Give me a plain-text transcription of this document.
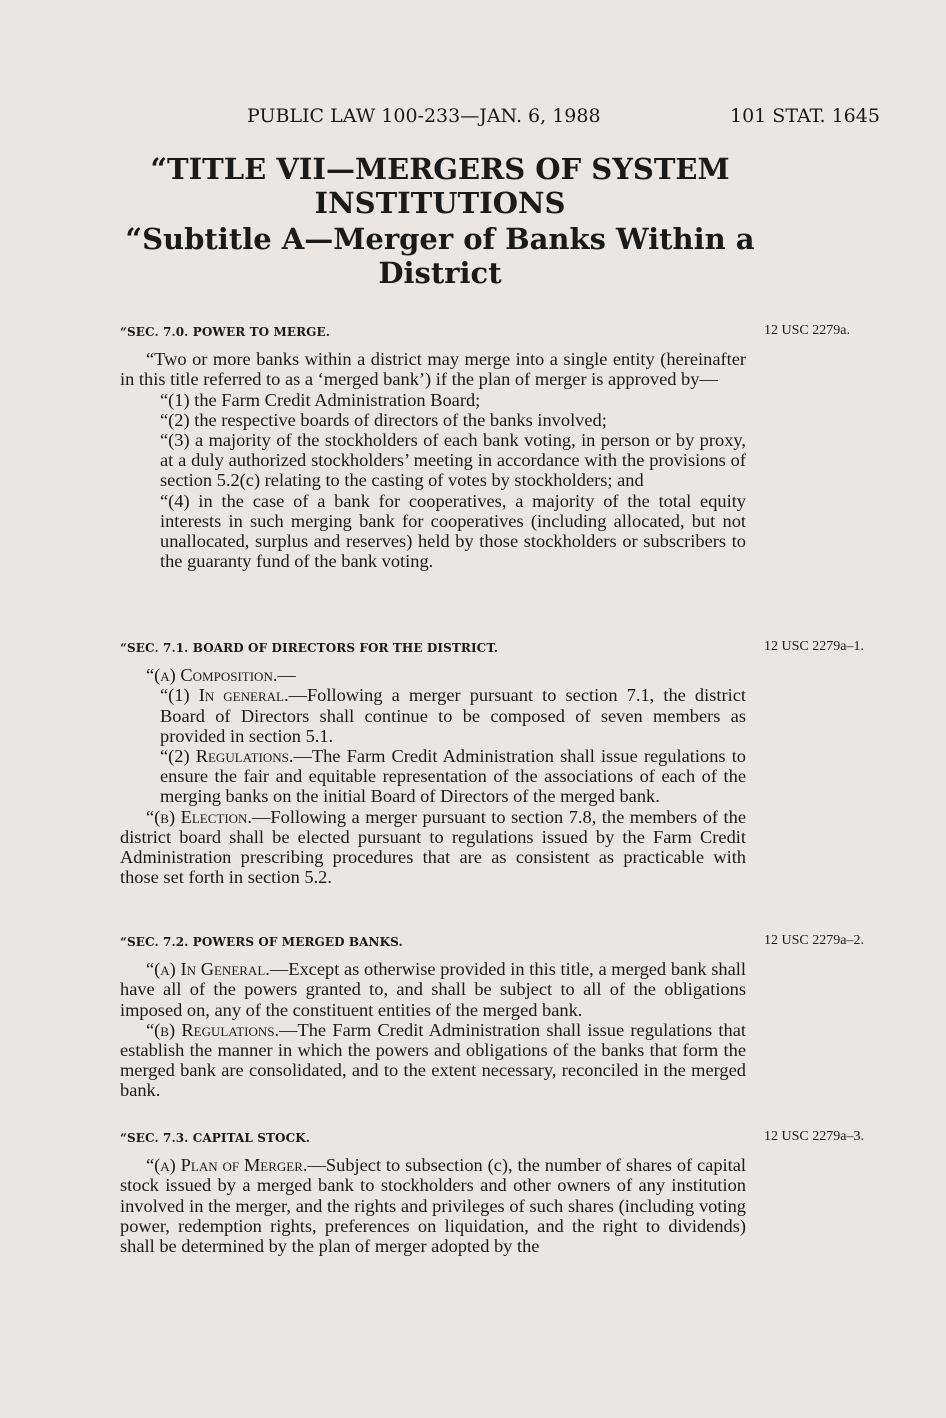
PUBLIC LAW 100-233—JAN. 6, 1988	101 STAT. 1645
“TITLE VII—MERGERS OF SYSTEM
INSTITUTIONS
“Subtitle A—Merger of Banks Within a
District

“SEC. 7.0. POWER TO MERGE.

“Two or more banks within a district may merge into a single entity (hereinafter in this title referred to as a ‘merged bank’) if the plan of merger is approved by—

“(1) the Farm Credit Administration Board;

“(2) the respective boards of directors of the banks involved;

“(3) a majority of the stockholders of each bank voting, in person or by proxy, at a duly authorized stockholders’ meeting in accordance with the provisions of section 5.2(c) relating to the casting of votes by stockholders; and

“(4) in the case of a bank for cooperatives, a majority of the total equity interests in such merging bank for cooperatives (including allocated, but not unallocated, surplus and reserves) held by those stockholders or subscribers to the guaranty fund of the bank voting.

12 USC 2279a.

“SEC. 7.1. BOARD OF DIRECTORS FOR THE DISTRICT.

“(a) Composition.—

“(1) In general.—Following a merger pursuant to section 7.1, the district Board of Directors shall continue to be composed of seven members as provided in section 5.1.

“(2) Regulations.—The Farm Credit Administration shall issue regulations to ensure the fair and equitable representation of the associations of each of the merging banks on the initial Board of Directors of the merged bank.

“(b) Election.—Following a merger pursuant to section 7.8, the members of the district board shall be elected pursuant to regulations issued by the Farm Credit Administration prescribing procedures that are as consistent as practicable with those set forth in section 5.2.

12 USC 2279a–1.

“SEC. 7.2. POWERS OF MERGED BANKS.

“(a) In General.—Except as otherwise provided in this title, a merged bank shall have all of the powers granted to, and shall be subject to all of the obligations imposed on, any of the constituent entities of the merged bank.

“(b) Regulations.—The Farm Credit Administration shall issue regulations that establish the manner in which the powers and obligations of the banks that form the merged bank are consolidated, and to the extent necessary, reconciled in the merged bank.

12 USC 2279a–2.

“SEC. 7.3. CAPITAL STOCK.

“(a) Plan of Merger.—Subject to subsection (c), the number of shares of capital stock issued by a merged bank to stockholders and other owners of any institution involved in the merger, and the rights and privileges of such shares (including voting power, redemption rights, preferences on liquidation, and the right to dividends) shall be determined by the plan of merger adopted by the

12 USC 2279a–3.
